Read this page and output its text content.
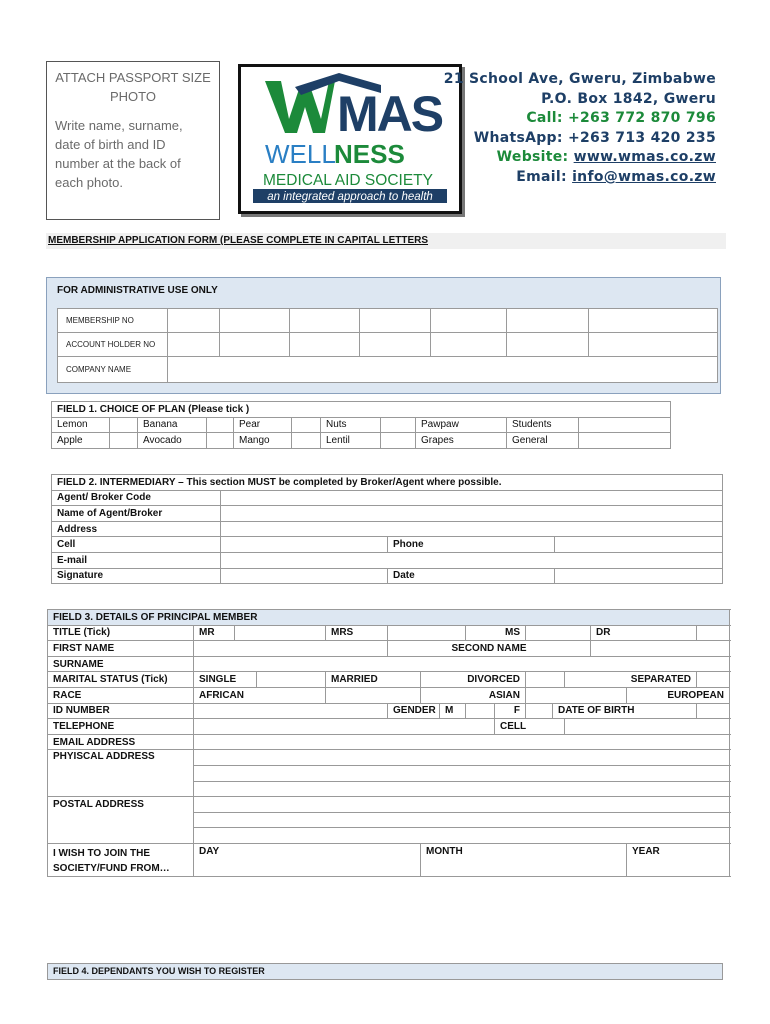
ATTACH PASSPORT SIZE
PHOTO
Write name, surname, date of birth and ID number at the back of each photo.
MAS
WELL
NESS
MEDICAL AID SOCIETY
an integrated approach to health
21 School Ave, Gweru, Zimbabwe
P.O. Box 1842, Gweru
Call: +263 772 870 796
WhatsApp: +263 713 420 235
Website: www.wmas.co.zw
Email: info@wmas.co.zw
MEMBERSHIP APPLICATION FORM (PLEASE COMPLETE IN CAPITAL LETTERS
FOR ADMINISTRATIVE USE ONLY
MEMBERSHIP NO							
ACCOUNT HOLDER NO							
COMPANY NAME							
FIELD 1. CHOICE OF PLAN (Please tick )										
Lemon		Banana		Pear		Nuts		Pawpaw	Students	
Apple		Avocado		Mango		Lentil		Grapes	General	
FIELD 2. INTERMEDIARY – This section MUST be completed by Broker/Agent where possible.			
Agent/ Broker Code			
Name of Agent/Broker			
Address			
Cell		Phone	
E-mail			
Signature		Date	
FIELD 3. DETAILS OF PRINCIPAL MEMBER																
TITLE (Tick)	MR			MRS				MS					DR			
FIRST NAME					SECOND NAME											
SURNAME																
MARITAL STATUS (Tick)	SINGLE			MARRIED		DIVORCED						SEPARATED				
RACE	AFRICAN					ASIAN								EUROPEAN		
ID NUMBER					GENDER		M		F		DATE OF BIRTH					
TELEPHONE									CELL							
EMAIL ADDRESS																
PHYISCAL ADDRESS																

POSTAL ADDRESS																

I WISH TO JOIN THE
SOCIETY/FUND FROM…	DAY					MONTH								YEAR		
FIELD 4. DEPENDANTS YOU WISH TO REGISTER
